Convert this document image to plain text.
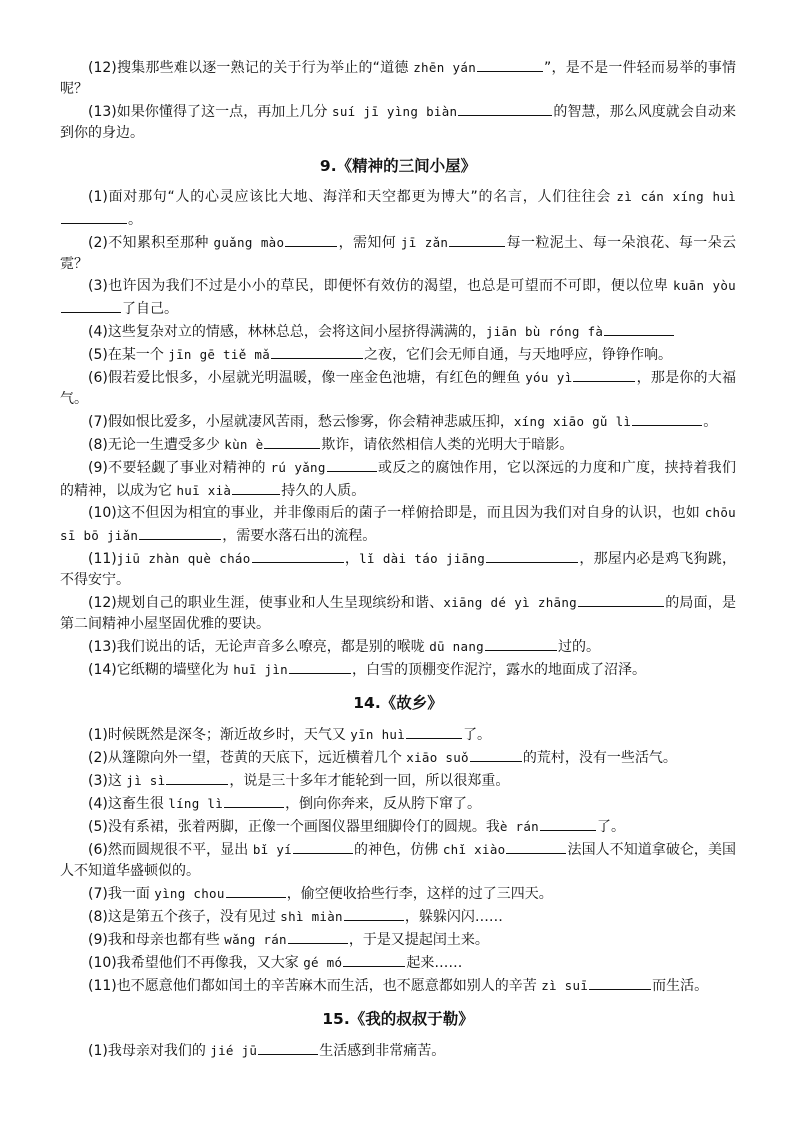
(12)搜集那些难以逐一熟记的关于行为举止的“道德 zhēn yán	”，是不是一件轻而易举的事情呢？

(13)如果你懂得了这一点，再加上几分 suí jī yìng biàn	的智慧，那么风度就会自动来到你的身边。

9.《精神的三间小屋》

(1)面对那句“人的心灵应该比大地、海洋和天空都更为博大”的名言，人们往往会 zì cán xíng huì。

(2)不知累积至那种 guǎng mào	，需知何 jī zǎn	每一粒泥土、每一朵浪花、每一朵云霓？

(3)也许因为我们不过是小小的草民，即便怀有效仿的渴望，也总是可望而不可即，便以位卑 kuān yòu了自己。

(4)这些复杂对立的情感，林林总总，会将这间小屋挤得满满的，jiān bù róng fà

(5)在某一个 jīn gē tiě mǎ	之夜，它们会无师自通，与天地呼应，铮铮作响。

(6)假若爱比恨多，小屋就光明温暖，像一座金色池塘，有红色的鲤鱼 yóu yì	，那是你的大福气。

(7)假如恨比爱多，小屋就凄风苦雨，愁云惨雾，你会精神悲戚压抑，xíng xiāo gǔ lì	。

(8)无论一生遭受多少 kùn è	欺诈，请依然相信人类的光明大于暗影。

(9)不要轻觑了事业对精神的 rú yǎng	或反之的腐蚀作用，它以深远的力度和广度，挟持着我们的精神，以成为它 huī xià	持久的人质。

(10)这不但因为相宜的事业，并非像雨后的菌子一样俯拾即是，而且因为我们对自身的认识，也如 chōu sī bō jiǎn	，需要水落石出的流程。

(11)jiū zhàn què cháo	，lǐ dài táo jiāng	，那屋内必是鸡飞狗跳，不得安宁。

(12)规划自己的职业生涯，使事业和人生呈现缤纷和谐、xiāng dé yì zhāng	的局面，是第二间精神小屋坚固优雅的要诀。

(13)我们说出的话，无论声音多么嘹亮，都是别的喉咙 dū nang	过的。

(14)它纸糊的墙壁化为 huī jìn	，白雪的顶棚变作泥泞，露水的地面成了沼泽。

14.《故乡》

(1)时候既然是深冬；渐近故乡时，天气又 yīn huì	了。

(2)从篷隙向外一望，苍黄的天底下，远近横着几个 xiāo suǒ	的荒村，没有一些活气。

(3)这 jì sì	，说是三十多年才能轮到一回，所以很郑重。

(4)这畜生很 líng lì	，倒向你奔来，反从胯下窜了。

(5)没有系裙，张着两脚，正像一个画图仪器里细脚伶仃的圆规。我è rán	了。

(6)然而圆规很不平，显出 bǐ yí	的神色，仿佛 chǐ xiào	法国人不知道拿破仑，美国人不知道华盛顿似的。

(7)我一面 yìng chou	，偷空便收拾些行李，这样的过了三四天。

(8)这是第五个孩子，没有见过 shì miàn	，躲躲闪闪……

(9)我和母亲也都有些 wǎng rán	，于是又提起闰土来。

(10)我希望他们不再像我，又大家 gé mó	起来……

(11)也不愿意他们都如闰土的辛苦麻木而生活，也不愿意都如别人的辛苦 zì suī	而生活。

15.《我的叔叔于勒》

(1)我母亲对我们的 jié jū	生活感到非常痛苦。
